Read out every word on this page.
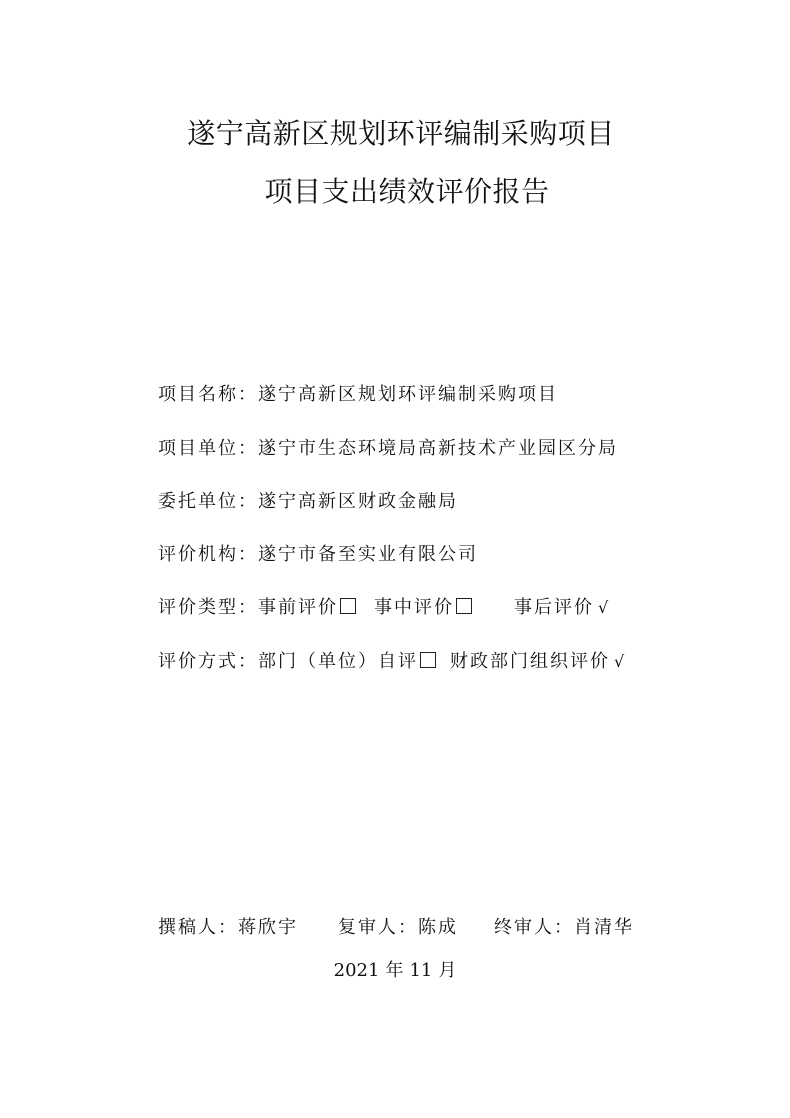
遂宁高新区规划环评编制采购项目
项目支出绩效评价报告
项目名称：遂宁高新区规划环评编制采购项目
项目单位：遂宁市生态环境局高新技术产业园区分局
委托单位：遂宁高新区财政金融局
评价机构：遂宁市备至实业有限公司
评价类型：事前评价 事中评价	事后评价 √
评价方式：部门（单位）自评 财政部门组织评价 √
撰稿人：蒋欣宇 复审人：陈成 终审人：肖清华
2021 年 11 月
